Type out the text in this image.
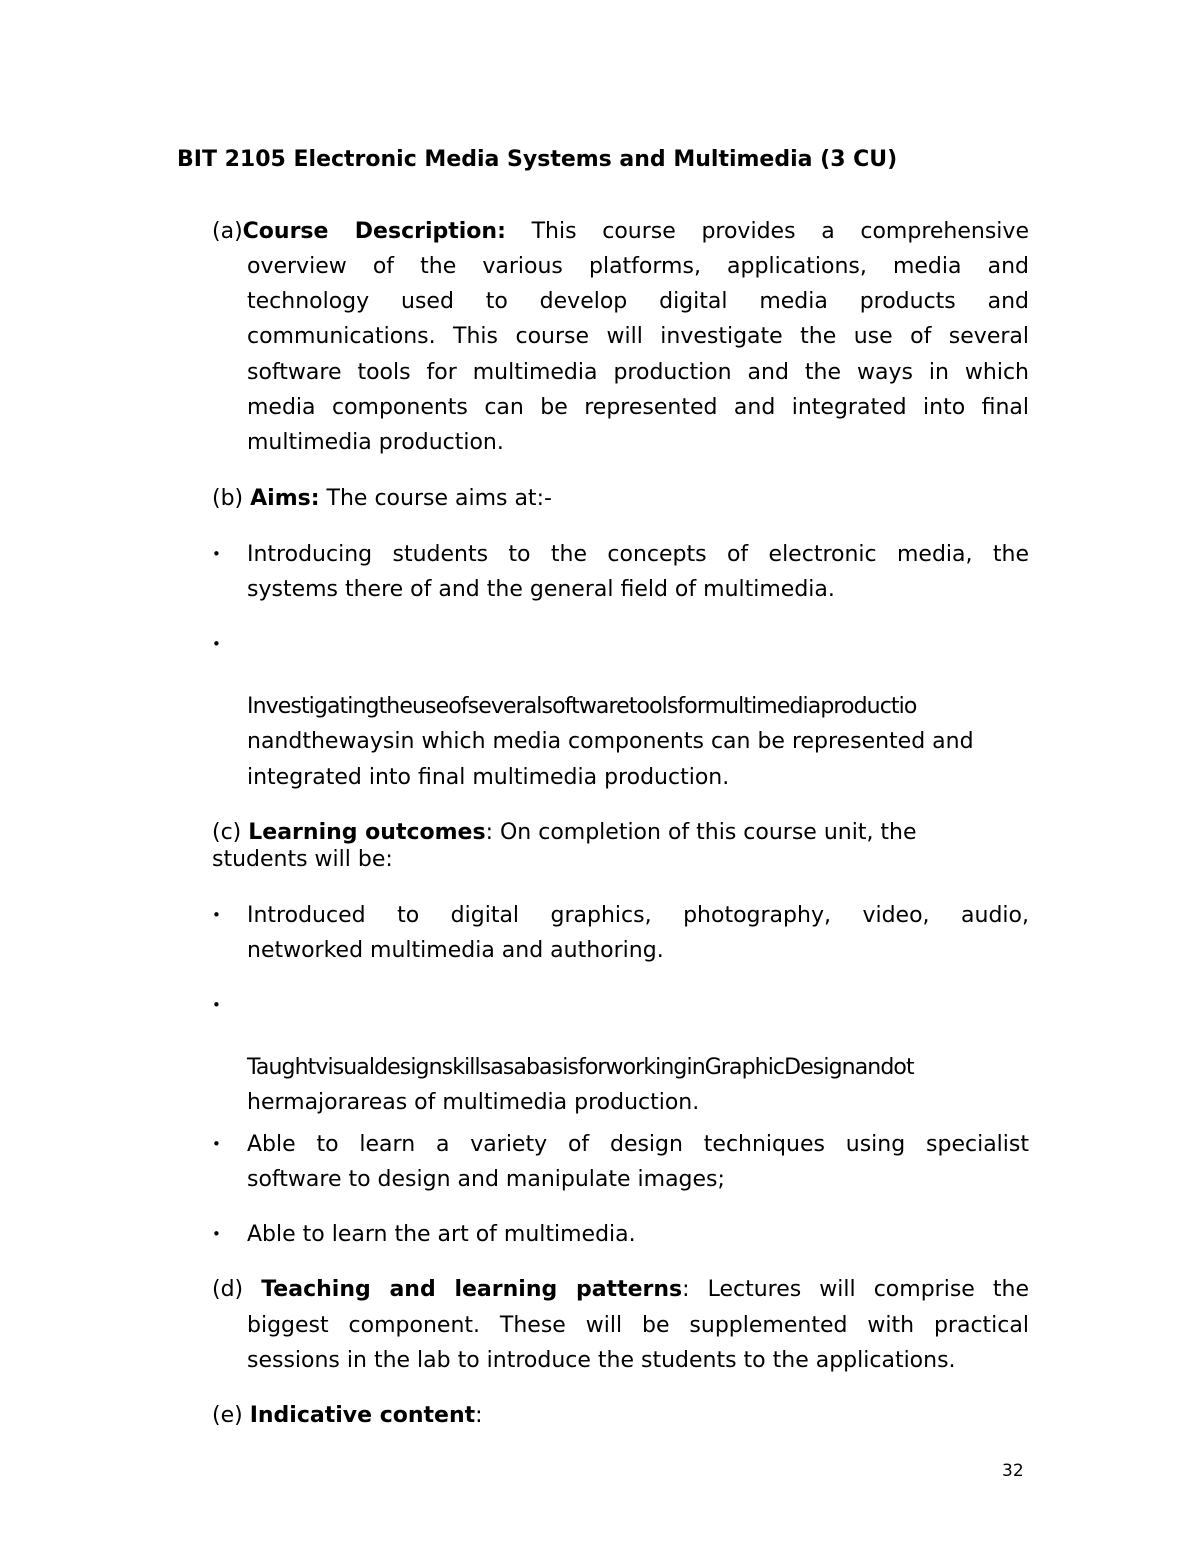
BIT 2105 Electronic Media Systems and Multimedia (3 CU)
(a)Course Description: This course provides a comprehensive
overview of the various platforms, applications, media and
technology used to develop digital media products and
communications. This course will investigate the use of several
software tools for multimedia production and the ways in which
media components can be represented and integrated into final
multimedia production.
(b) Aims: The course aims at:-
• Introducing students to the concepts of electronic media, the
systems there of and the general field of multimedia.
•
Investigatingtheuseofseveralsoftwaretoolsformultimediaproductio
nandthewaysin which media components can be represented and
integrated into final multimedia production.
(c) Learning outcomes: On completion of this course unit, the
students will be:
• Introduced to digital graphics, photography, video, audio,
networked multimedia and authoring.
•
TaughtvisualdesignskillsasabasisforworkinginGraphicDesignandot
hermajorareas of multimedia production.
• Able to learn a variety of design techniques using specialist
software to design and manipulate images;
• Able to learn the art of multimedia.
(d) Teaching and learning patterns: Lectures will comprise the
biggest component. These will be supplemented with practical
sessions in the lab to introduce the students to the applications.
(e) Indicative content:
32
